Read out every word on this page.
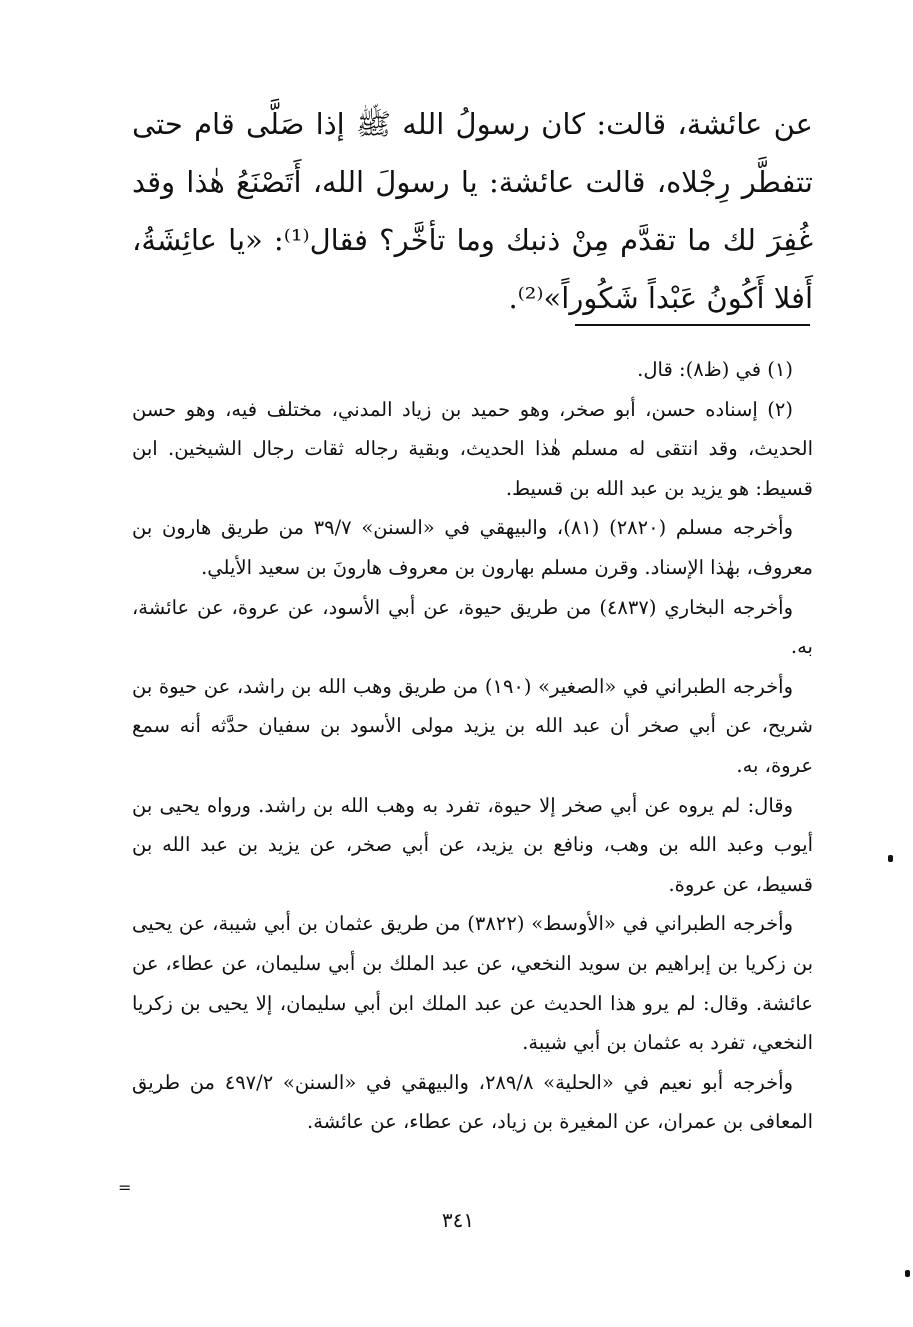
عن عائشة، قالت: كان رسولُ الله ﷺ إذا صَلَّى قام حتى تتفطَّر رِجْلاه، قالت عائشة: يا رسولَ الله، أَتَصْنَعُ هٰذا وقد غُفِرَ لك ما تقدَّم مِنْ ذنبك وما تأخَّر؟ فقال⁽¹⁾: «يا عائِشَةُ، أَفلا أَكُونُ عَبْداً شَكُوراً»⁽²⁾.

(١) في (ظ٨): قال.

(٢) إسناده حسن، أبو صخر، وهو حميد بن زياد المدني، مختلف فيه، وهو حسن الحديث، وقد انتقى له مسلم هٰذا الحديث، وبقية رجاله ثقات رجال الشيخين. ابن قسيط: هو يزيد بن عبد الله بن قسيط.

وأخرجه مسلم (٢٨٢٠) (٨١)، والبيهقي في «السنن» ٣٩/٧ من طريق هارون بن معروف، بهٰذا الإسناد. وقرن مسلم بهارون بن معروف هارونَ بن سعيد الأيلي.

وأخرجه البخاري (٤٨٣٧) من طريق حيوة، عن أبي الأسود، عن عروة، عن عائشة، به.

وأخرجه الطبراني في «الصغير» (١٩٠) من طريق وهب الله بن راشد، عن حيوة بن شريح، عن أبي صخر أن عبد الله بن يزيد مولى الأسود بن سفيان حدَّثه أنه سمع عروة، به.

وقال: لم يروه عن أبي صخر إلا حيوة، تفرد به وهب الله بن راشد. ورواه يحيى بن أيوب وعبد الله بن وهب، ونافع بن يزيد، عن أبي صخر، عن يزيد بن عبد الله بن قسيط، عن عروة.

وأخرجه الطبراني في «الأوسط» (٣٨٢٢) من طريق عثمان بن أبي شيبة، عن يحيى بن زكريا بن إبراهيم بن سويد النخعي، عن عبد الملك بن أبي سليمان، عن عطاء، عن عائشة. وقال: لم يرو هذا الحديث عن عبد الملك ابن أبي سليمان، إلا يحيى بن زكريا النخعي، تفرد به عثمان بن أبي شيبة.

وأخرجه أبو نعيم في «الحلية» ٢٨٩/٨، والبيهقي في «السنن» ٤٩٧/٢ من طريق المعافى بن عمران، عن المغيرة بن زياد، عن عطاء، عن عائشة.

=
٣٤١
